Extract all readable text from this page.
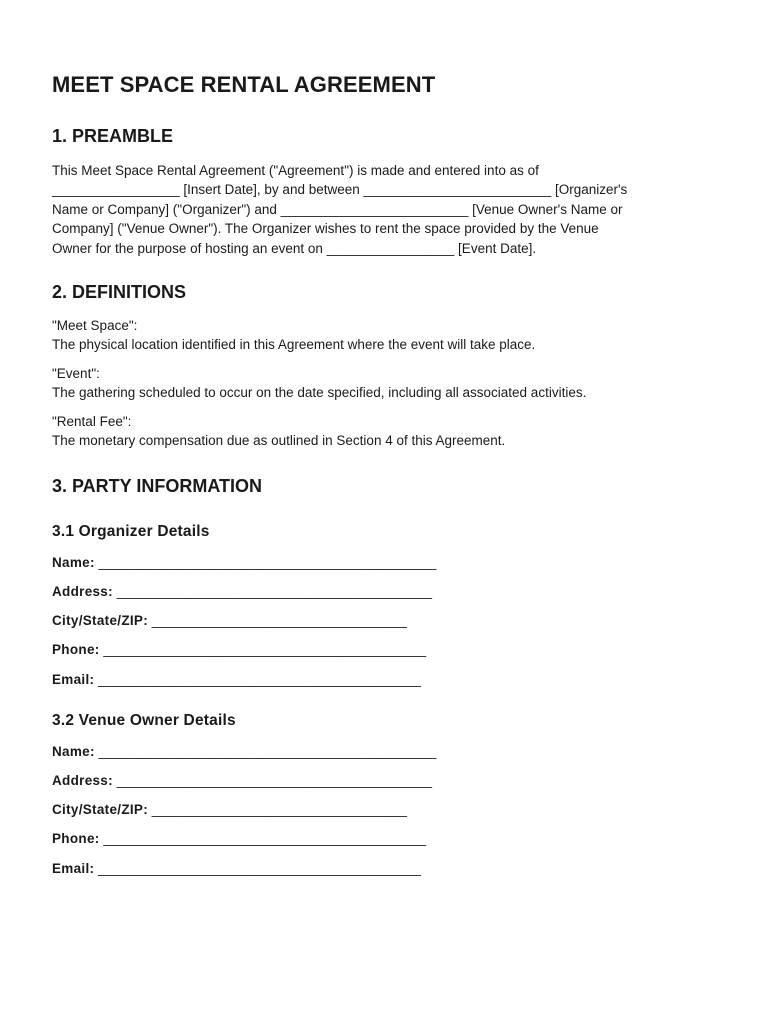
MEET SPACE RENTAL AGREEMENT
1. PREAMBLE
This Meet Space Rental Agreement ("Agreement") is made and entered into as of
_________________ [Insert Date], by and between _________________________ [Organizer's
Name or Company] ("Organizer") and _________________________ [Venue Owner's Name or
Company] ("Venue Owner"). The Organizer wishes to rent the space provided by the Venue
Owner for the purpose of hosting an event on _________________ [Event Date].
2. DEFINITIONS
"Meet Space":
The physical location identified in this Agreement where the event will take place.
"Event":
The gathering scheduled to occur on the date specified, including all associated activities.
"Rental Fee":
The monetary compensation due as outlined in Section 4 of this Agreement.
3. PARTY INFORMATION
3.1 Organizer Details
Name: _____________________________________________
Address: __________________________________________
City/State/ZIP: __________________________________
Phone: ___________________________________________
Email: ___________________________________________
3.2 Venue Owner Details
Name: _____________________________________________
Address: __________________________________________
City/State/ZIP: __________________________________
Phone: ___________________________________________
Email: ___________________________________________
